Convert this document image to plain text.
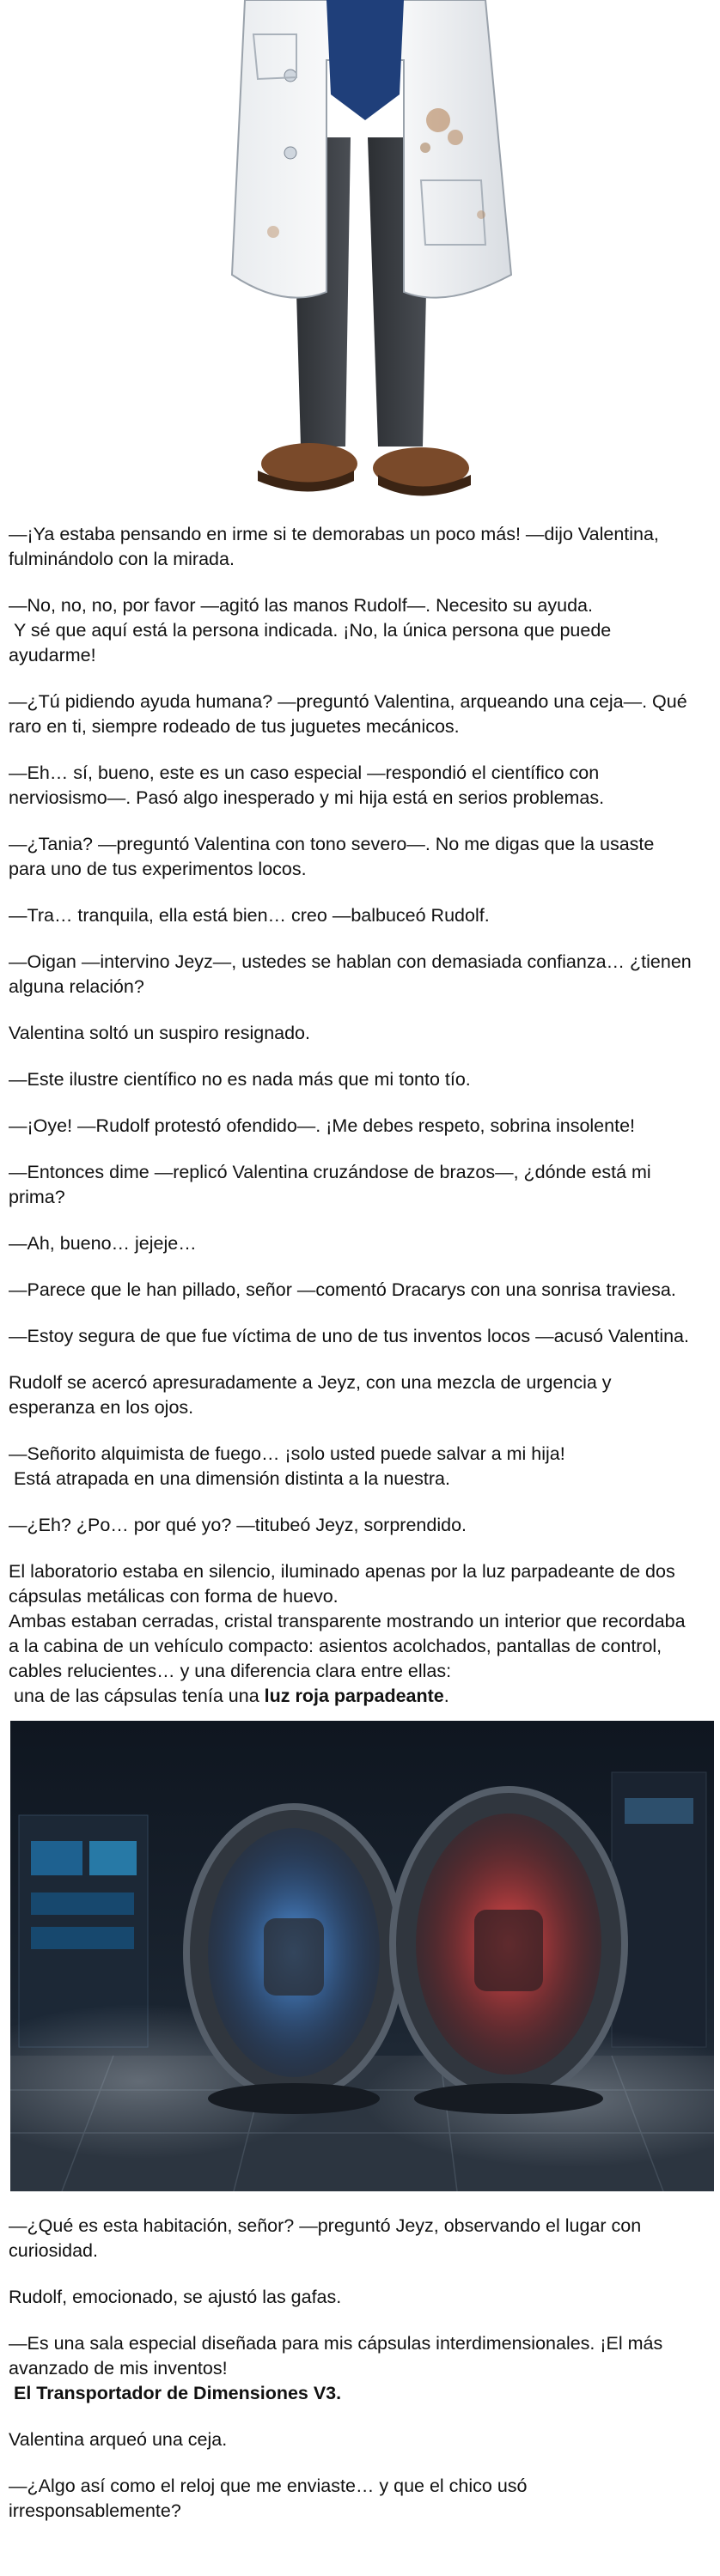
—¡Ya estaba pensando en irme si te demorabas un poco más! —dijo Valentina, fulminándolo con la mirada.

—No, no, no, por favor —agitó las manos Rudolf—. Necesito su ayuda.
Y sé que aquí está la persona indicada. ¡No, la única persona que puede ayudarme!

—¿Tú pidiendo ayuda humana? —preguntó Valentina, arqueando una ceja—. Qué raro en ti, siempre rodeado de tus juguetes mecánicos.

—Eh… sí, bueno, este es un caso especial —respondió el científico con nerviosismo—. Pasó algo inesperado y mi hija está en serios problemas.

—¿Tania? —preguntó Valentina con tono severo—. No me digas que la usaste para uno de tus experimentos locos.

—Tra… tranquila, ella está bien… creo —balbuceó Rudolf.

—Oigan —intervino Jeyz—, ustedes se hablan con demasiada confianza… ¿tienen alguna relación?

Valentina soltó un suspiro resignado.

—Este ilustre científico no es nada más que mi tonto tío.

—¡Oye! —Rudolf protestó ofendido—. ¡Me debes respeto, sobrina insolente!

—Entonces dime —replicó Valentina cruzándose de brazos—, ¿dónde está mi prima?

—Ah, bueno… jejeje…

—Parece que le han pillado, señor —comentó Dracarys con una sonrisa traviesa.

—Estoy segura de que fue víctima de uno de tus inventos locos —acusó Valentina.

Rudolf se acercó apresuradamente a Jeyz, con una mezcla de urgencia y esperanza en los ojos.

—Señorito alquimista de fuego… ¡solo usted puede salvar a mi hija!
Está atrapada en una dimensión distinta a la nuestra.

—¿Eh? ¿Po… por qué yo? —titubeó Jeyz, sorprendido.

El laboratorio estaba en silencio, iluminado apenas por la luz parpadeante de dos cápsulas metálicas con forma de huevo.
Ambas estaban cerradas, cristal transparente mostrando un interior que recordaba a la cabina de un vehículo compacto: asientos acolchados, pantallas de control, cables relucientes… y una diferencia clara entre ellas:
una de las cápsulas tenía una luz roja parpadeante.

—¿Qué es esta habitación, señor? —preguntó Jeyz, observando el lugar con curiosidad.

Rudolf, emocionado, se ajustó las gafas.

—Es una sala especial diseñada para mis cápsulas interdimensionales. ¡El más avanzado de mis inventos!
El Transportador de Dimensiones V3.

Valentina arqueó una ceja.

—¿Algo así como el reloj que me enviaste… y que el chico usó irresponsablemente?
